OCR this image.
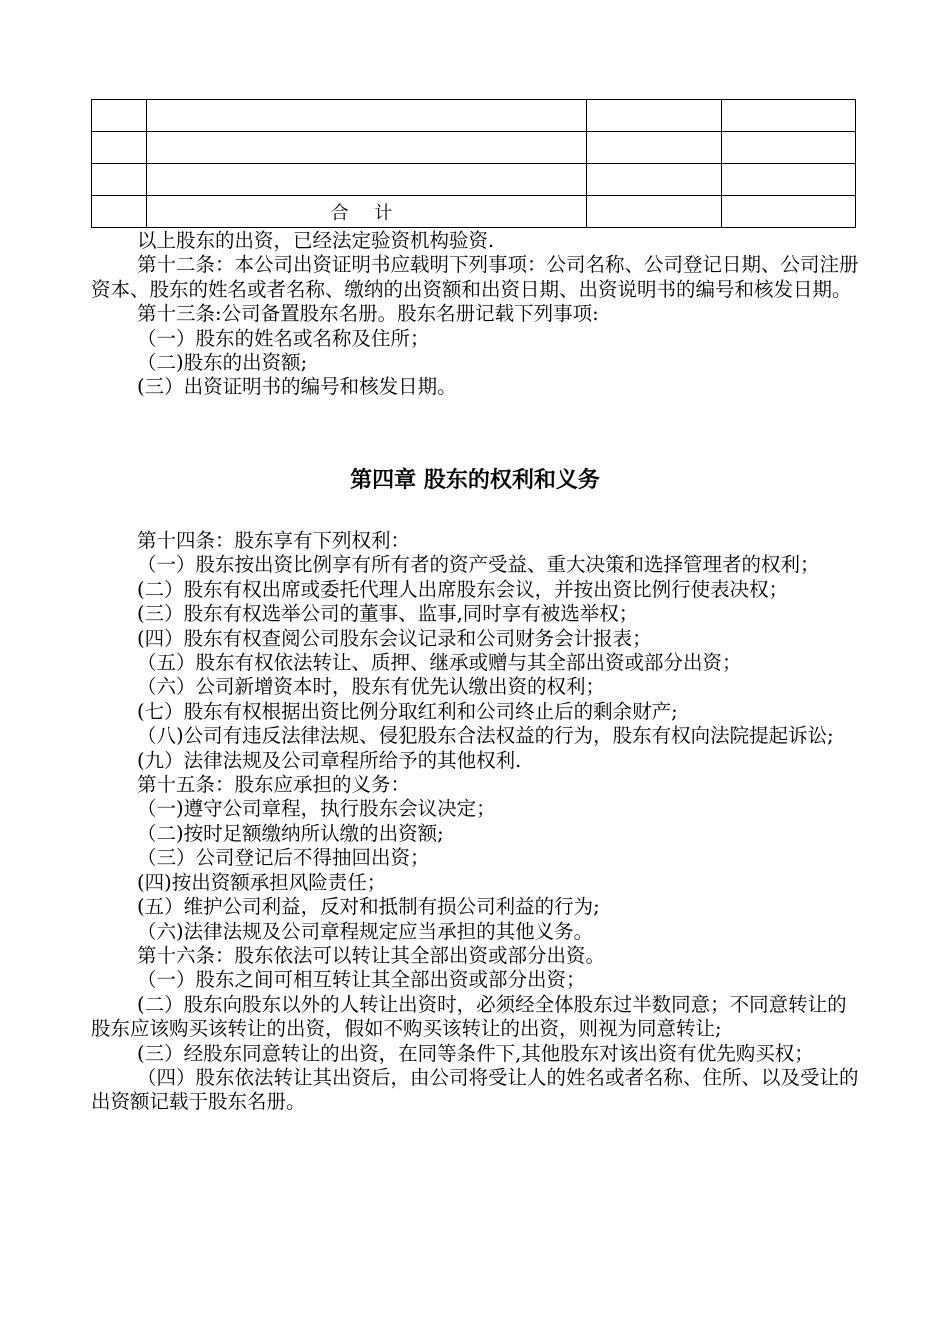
	合 计		
以上股东的出资，已经法定验资机构验资.
第十二条：本公司出资证明书应载明下列事项：公司名称、公司登记日期、公司注册资本、股东的姓名或者名称、缴纳的出资额和出资日期、出资说明书的编号和核发日期。
第十三条:公司备置股东名册。股东名册记载下列事项:
（一）股东的姓名或名称及住所；
（二)股东的出资额;
(三）出资证明书的编号和核发日期。
第四章 股东的权利和义务
第十四条：股东享有下列权利：
（一）股东按出资比例享有所有者的资产受益、重大决策和选择管理者的权利；
(二）股东有权出席或委托代理人出席股东会议，并按出资比例行使表决权；
(三）股东有权选举公司的董事、监事,同时享有被选举权；
(四）股东有权查阅公司股东会议记录和公司财务会计报表；
（五）股东有权依法转让、质押、继承或赠与其全部出资或部分出资；
（六）公司新增资本时，股东有优先认缴出资的权利；
(七）股东有权根据出资比例分取红利和公司终止后的剩余财产;
（八)公司有违反法律法规、侵犯股东合法权益的行为，股东有权向法院提起诉讼;
(九）法律法规及公司章程所给予的其他权利.
第十五条：股东应承担的义务：
（一)遵守公司章程，执行股东会议决定；
（二)按时足额缴纳所认缴的出资额;
（三）公司登记后不得抽回出资；
(四)按出资额承担风险责任；
(五）维护公司利益，反对和抵制有损公司利益的行为;
（六)法律法规及公司章程规定应当承担的其他义务。
第十六条：股东依法可以转让其全部出资或部分出资。
（一）股东之间可相互转让其全部出资或部分出资；
(二）股东向股东以外的人转让出资时，必须经全体股东过半数同意；不同意转让的股东应该购买该转让的出资，假如不购买该转让的出资，则视为同意转让;
(三）经股东同意转让的出资，在同等条件下,其他股东对该出资有优先购买权；
（四）股东依法转让其出资后，由公司将受让人的姓名或者名称、住所、以及受让的出资额记载于股东名册。
